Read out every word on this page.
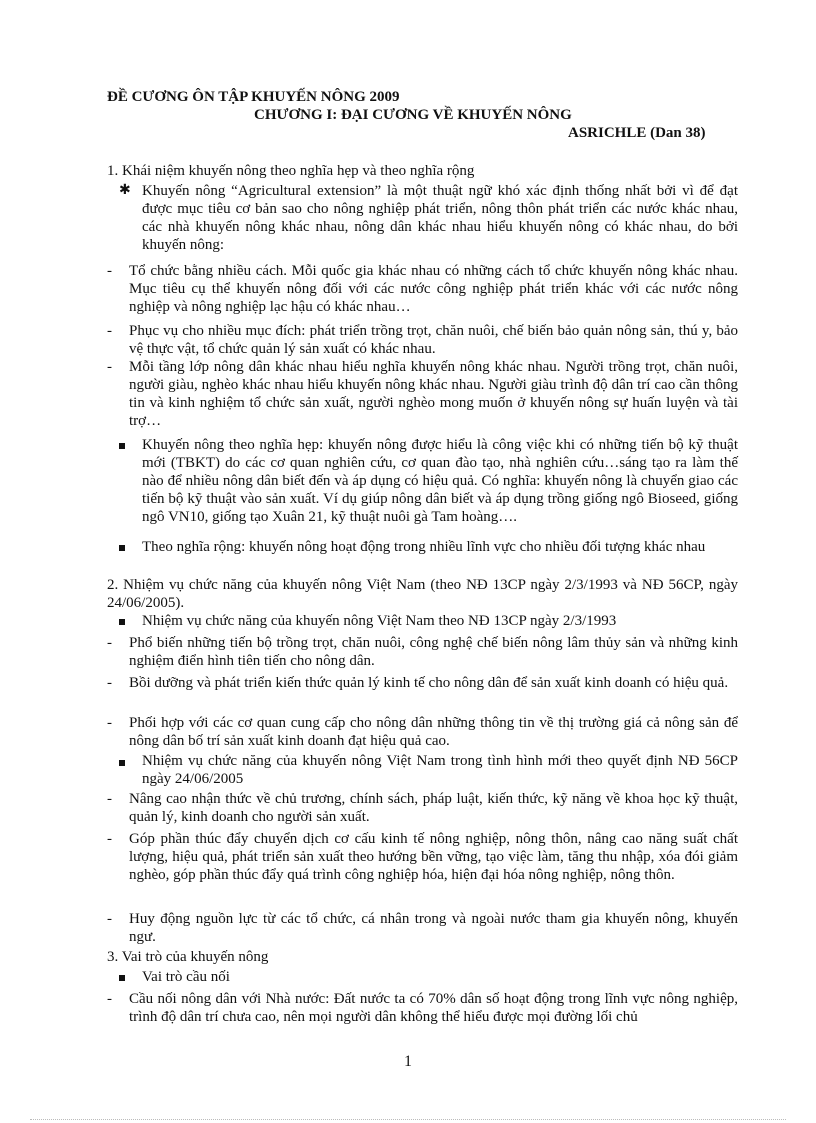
ĐỀ CƯƠNG ÔN TẬP KHUYẾN NÔNG 2009
CHƯƠNG I: ĐẠI CƯƠNG VỀ KHUYẾN NÔNG
ASRICHLE (Dan 38)
1. Khái niệm khuyến nông theo nghĩa hẹp và theo nghĩa rộng
✱ Khuyến nông “Agricultural extension” là một thuật ngữ khó xác định thống nhất bởi vì để đạt được mục tiêu cơ bản sao cho nông nghiệp phát triển, nông thôn phát triển các nước khác nhau, các nhà khuyến nông khác nhau, nông dân khác nhau hiểu khuyến nông có khác nhau, do bởi khuyến nông:
- Tổ chức bằng nhiều cách. Mỗi quốc gia khác nhau có những cách tổ chức khuyến nông khác nhau. Mục tiêu cụ thể khuyến nông đối với các nước công nghiệp phát triển khác với các nước nông nghiệp và nông nghiệp lạc hậu có khác nhau…
- Phục vụ cho nhiều mục đích: phát triển trồng trọt, chăn nuôi, chế biến bảo quản nông sản, thú y, bảo vệ thực vật, tổ chức quản lý sản xuất có khác nhau.
- Mỗi tầng lớp nông dân khác nhau hiểu nghĩa khuyến nông khác nhau. Người trồng trọt, chăn nuôi, người giàu, nghèo khác nhau hiểu khuyến nông khác nhau. Người giàu trình độ dân trí cao cần thông tin và kinh nghiệm tổ chức sản xuất, người nghèo mong muốn ở khuyến nông sự huấn luyện và tài trợ…
Khuyến nông theo nghĩa hẹp: khuyến nông được hiểu là công việc khi có những tiến bộ kỹ thuật mới (TBKT) do các cơ quan nghiên cứu, cơ quan đào tạo, nhà nghiên cứu…sáng tạo ra làm thế nào để nhiều nông dân biết đến và áp dụng có hiệu quả. Có nghĩa: khuyến nông là chuyển giao các tiến bộ kỹ thuật vào sản xuất. Ví dụ giúp nông dân biết và áp dụng trồng giống ngô Bioseed, giống ngô VN10, giống tạo Xuân 21, kỹ thuật nuôi gà Tam hoàng….
Theo nghĩa rộng: khuyến nông hoạt động trong nhiều lĩnh vực cho nhiều đối tượng khác nhau
2. Nhiệm vụ chức năng của khuyến nông Việt Nam (theo NĐ 13CP ngày 2/3/1993 và NĐ 56CP, ngày 24/06/2005).
Nhiệm vụ chức năng của khuyến nông Việt Nam theo NĐ 13CP ngày 2/3/1993
- Phổ biến những tiến bộ trồng trọt, chăn nuôi, công nghệ chế biến nông lâm thủy sản và những kinh nghiệm điển hình tiên tiến cho nông dân.
- Bồi dưỡng và phát triển kiến thức quản lý kinh tế cho nông dân để sản xuất kinh doanh có hiệu quả.
- Phối hợp với các cơ quan cung cấp cho nông dân những thông tin về thị trường giá cả nông sản để nông dân bố trí sản xuất kinh doanh đạt hiệu quả cao.
Nhiệm vụ chức năng của khuyến nông Việt Nam trong tình hình mới theo quyết định NĐ 56CP ngày 24/06/2005
- Nâng cao nhận thức về chủ trương, chính sách, pháp luật, kiến thức, kỹ năng về khoa học kỹ thuật, quản lý, kinh doanh cho người sản xuất.
- Góp phần thúc đẩy chuyển dịch cơ cấu kinh tế nông nghiệp, nông thôn, nâng cao năng suất chất lượng, hiệu quả, phát triển sản xuất theo hướng bền vững, tạo việc làm, tăng thu nhập, xóa đói giảm nghèo, góp phần thúc đẩy quá trình công nghiệp hóa, hiện đại hóa nông nghiệp, nông thôn.
- Huy động nguồn lực từ các tổ chức, cá nhân trong và ngoài nước tham gia khuyến nông, khuyến ngư.
3. Vai trò của khuyến nông
Vai trò cầu nối
- Cầu nối nông dân với Nhà nước: Đất nước ta có 70% dân số hoạt động trong lĩnh vực nông nghiệp, trình độ dân trí chưa cao, nên mọi người dân không thể hiểu được mọi đường lối chủ
1
